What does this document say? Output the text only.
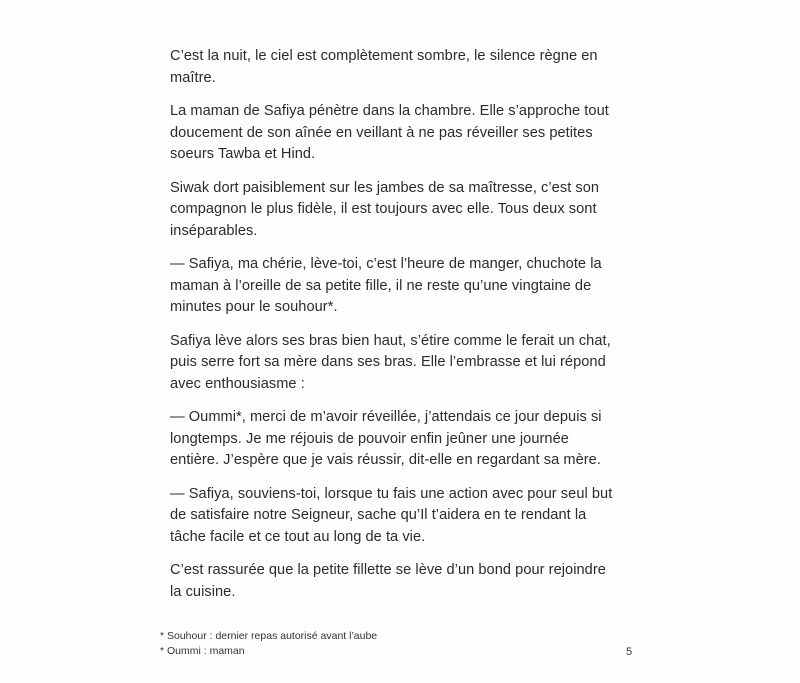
C’est la nuit, le ciel est complètement sombre, le silence règne en maître.

La maman de Safiya pénètre dans la chambre. Elle s’approche tout doucement de son aînée en veillant à ne pas réveiller ses petites soeurs Tawba et Hind.

Siwak dort paisiblement sur les jambes de sa maîtresse, c’est son compagnon le plus fidèle, il est toujours avec elle. Tous deux sont inséparables.

— Safiya, ma chérie, lève-toi, c’est l’heure de manger, chuchote la maman à l’oreille de sa petite fille, il ne reste qu’une vingtaine de minutes pour le souhour*.

Safiya lève alors ses bras bien haut, s’étire comme le ferait un chat, puis serre fort sa mère dans ses bras. Elle l’embrasse et lui répond avec enthousiasme :

— Oummi*, merci de m’avoir réveillée, j’attendais ce jour depuis si longtemps. Je me réjouis de pouvoir enfin jeûner une journée entière. J’espère que je vais réussir, dit-elle en regardant sa mère.

— Safiya, souviens-toi, lorsque tu fais une action avec pour seul but de satisfaire notre Seigneur, sache qu’Il t’aidera en te rendant la tâche facile et ce tout au long de ta vie.

C’est rassurée que la petite fillette se lève d’un bond pour rejoindre la cuisine.

* Souhour : dernier repas autorisé avant l’aube
* Oummi : maman	5
